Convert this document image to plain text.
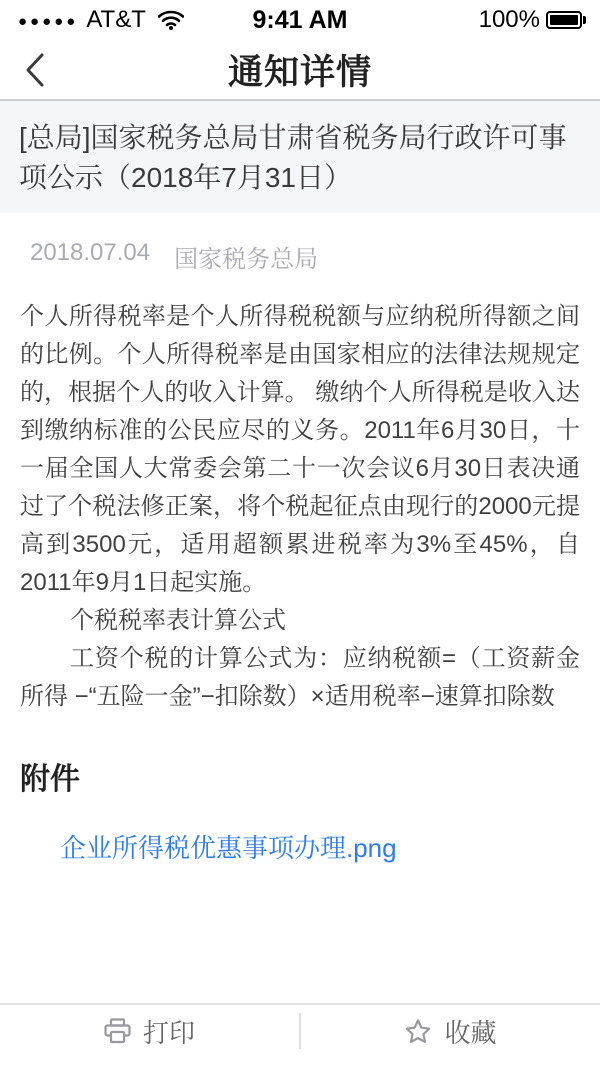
●●●●● AT&T	9:41 AM	100%
通知详情
[总局]国家税务总局甘肃省税务局行政许可事项公示（2018年7月31日）
2018.07.04 国家税务总局

个人所得税率是个人所得税税额与应纳税所得额之间的比例。个人所得税率是由国家相应的法律法规规定的，根据个人的收入计算。 缴纳个人所得税是收入达到缴纳标准的公民应尽的义务。2011年6月30日，十一届全国人大常委会第二十一次会议6月30日表决通过了个税法修正案，将个税起征点由现行的2000元提高到3500元，适用超额累进税率为3%至45%，自2011年9月1日起实施。

个税税率表计算公式

工资个税的计算公式为：应纳税额=（工资薪金所得 −“五险一金”−扣除数）×适用税率−速算扣除数

附件
企业所得税优惠事项办理.png
打印	收藏
